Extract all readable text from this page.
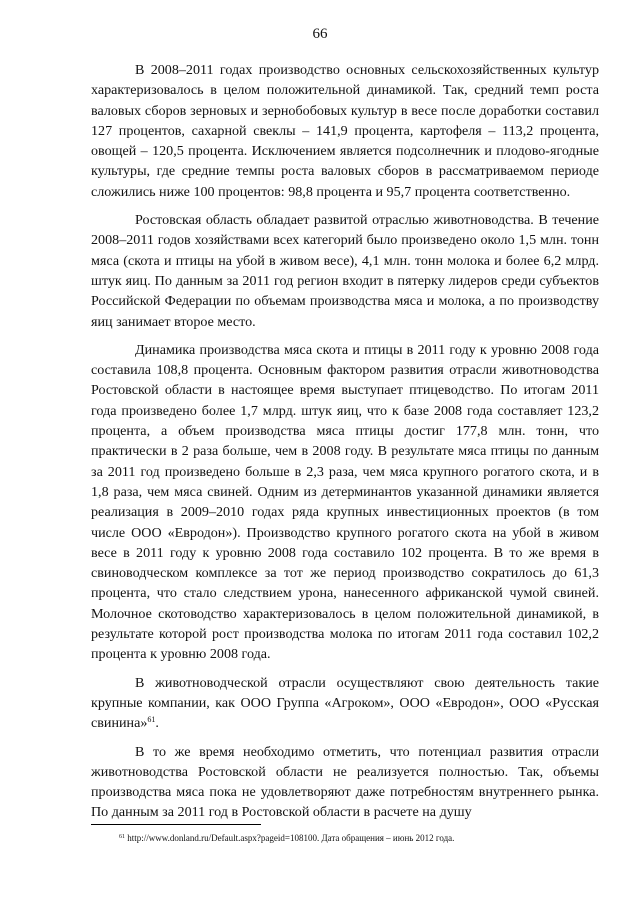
66

В 2008–2011 годах производство основных сельскохозяйственных культур характеризовалось в целом положительной динамикой. Так, средний темп роста валовых сборов зерновых и зернобобовых культур в весе после доработки составил 127 процентов, сахарной свеклы – 141,9 процента, картофеля – 113,2 процента, овощей – 120,5 процента. Исключением является подсолнечник и плодово-ягодные культуры, где средние темпы роста валовых сборов в рассматриваемом периоде сложились ниже 100 процентов: 98,8 процента и 95,7 процента соответственно.

Ростовская область обладает развитой отраслью животноводства. В течение 2008–2011 годов хозяйствами всех категорий было произведено около 1,5 млн. тонн мяса (скота и птицы на убой в живом весе), 4,1 млн. тонн молока и более 6,2 млрд. штук яиц. По данным за 2011 год регион входит в пятерку лидеров среди субъектов Российской Федерации по объемам производства мяса и молока, а по производству яиц занимает второе место.

Динамика производства мяса скота и птицы в 2011 году к уровню 2008 года составила 108,8 процента. Основным фактором развития отрасли животноводства Ростовской области в настоящее время выступает птицеводство. По итогам 2011 года произведено более 1,7 млрд. штук яиц, что к базе 2008 года составляет 123,2 процента, а объем производства мяса птицы достиг 177,8 млн. тонн, что практически в 2 раза больше, чем в 2008 году. В результате мяса птицы по данным за 2011 год произведено больше в 2,3 раза, чем мяса крупного рогатого скота, и в 1,8 раза, чем мяса свиней. Одним из детерминантов указанной динамики является реализация в 2009–2010 годах ряда крупных инвестиционных проектов (в том числе ООО «Евродон»). Производство крупного рогатого скота на убой в живом весе в 2011 году к уровню 2008 года составило 102 процента. В то же время в свиноводческом комплексе за тот же период производство сократилось до 61,3 процента, что стало следствием урона, нанесенного африканской чумой свиней. Молочное скотоводство характеризовалось в целом положительной динамикой, в результате которой рост производства молока по итогам 2011 года составил 102,2 процента к уровню 2008 года.

В животноводческой отрасли осуществляют свою деятельность такие крупные компании, как ООО Группа «Агроком», ООО «Евродон», ООО «Русская свинина»$^{61}$.

В то же время необходимо отметить, что потенциал развития отрасли животноводства Ростовской области не реализуется полностью. Так, объемы производства мяса пока не удовлетворяют даже потребностям внутреннего рынка. По данным за 2011 год в Ростовской области в расчете на душу

$^{61}$ http://www.donland.ru/Default.aspx?pageid=108100. Дата обращения – июнь 2012 года.
